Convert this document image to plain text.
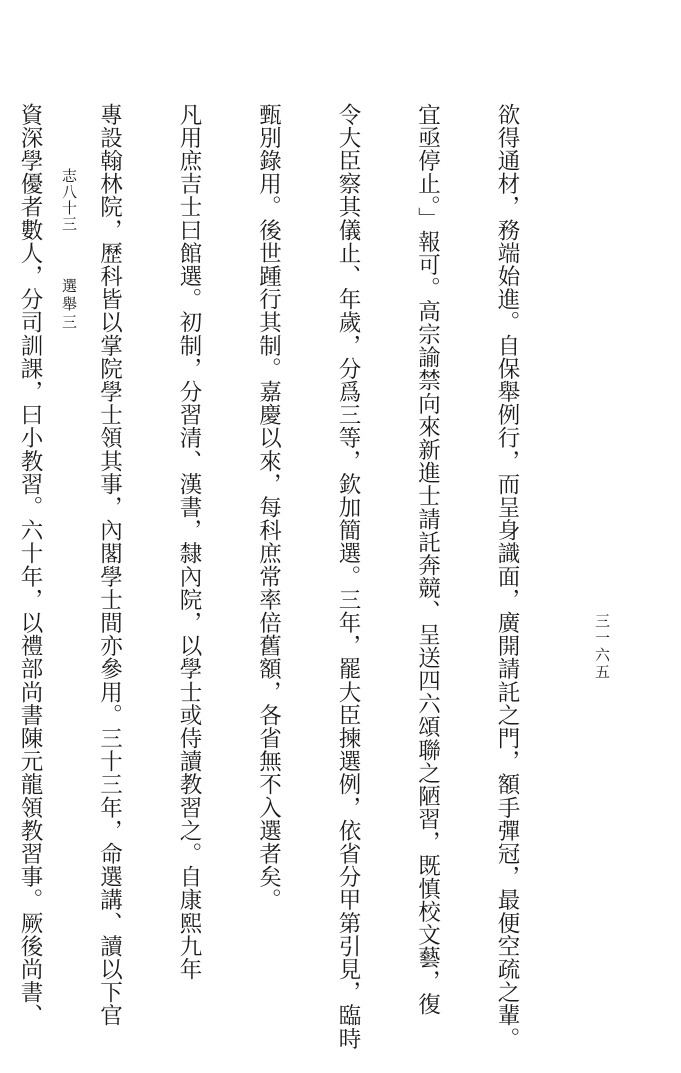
志八十三
選舉三

	欲得通材，務端始進。自保舉例行，而呈身識面，廣開請託之門，額手彈冠，最便空疏之輩。

宜亟停止。」報可。高宗諭禁向來新進士請託奔競、呈送四六頌聯之陋習，既慎校文藝，復

令大臣察其儀止、年歲，分爲三等，欽加簡選。三年，罷大臣揀選例，依省分甲第引見，臨時

甄別錄用。後世踵行其制。嘉慶以來，每科庶常率倍舊額，各省無不入選者矣。

凡用庶吉士曰館選。初制，分習清、漢書，隸內院，以學士或侍讀教習之。自康熙九年

專設翰林院，歷科皆以掌院學士領其事，內閣學士間亦參用。三十三年，命選講、讀以下官

資深學優者數人，分司訓課，曰小教習。六十年，以禮部尚書陳元龍領教習事。厥後尚書、

	三一六五
